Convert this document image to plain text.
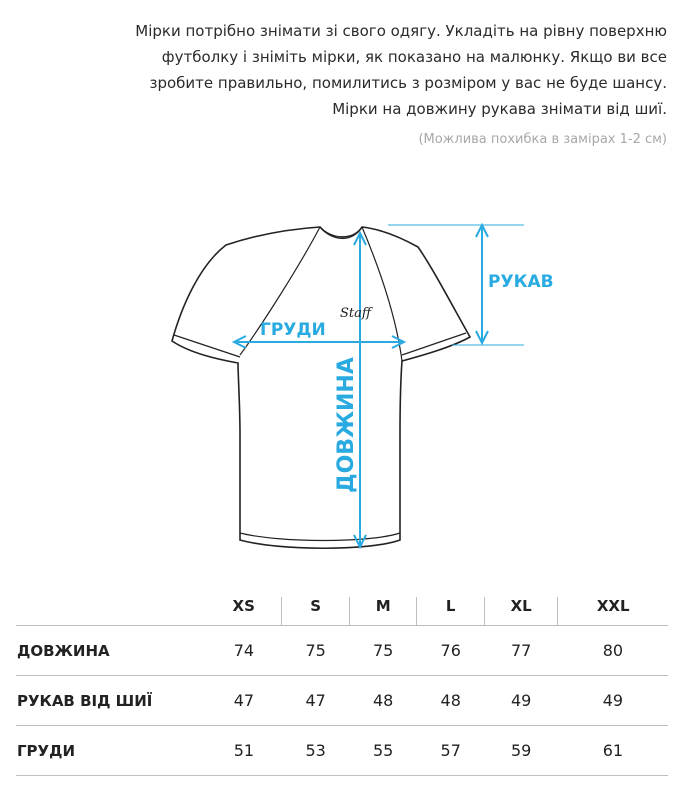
Мірки потрібно знімати зі свого одягу. Укладіть на рівну поверхню
футболку і зніміть мірки, як показано на малюнку. Якщо ви все
зробите правильно, помилитись з розміром у вас не буде шансу.
Мірки на довжину рукава знімати від шиї.
(Можлива похибка в замірах 1-2 см)
РУКАВ
ГРУДИ
ДОВЖИНА
Staff
	XS	S	M	L	XL	XXL
ДОВЖИНА	74	75	75	76	77	80
РУКАВ ВІД ШИЇ	47	47	48	48	49	49
ГРУДИ	51	53	55	57	59	61
